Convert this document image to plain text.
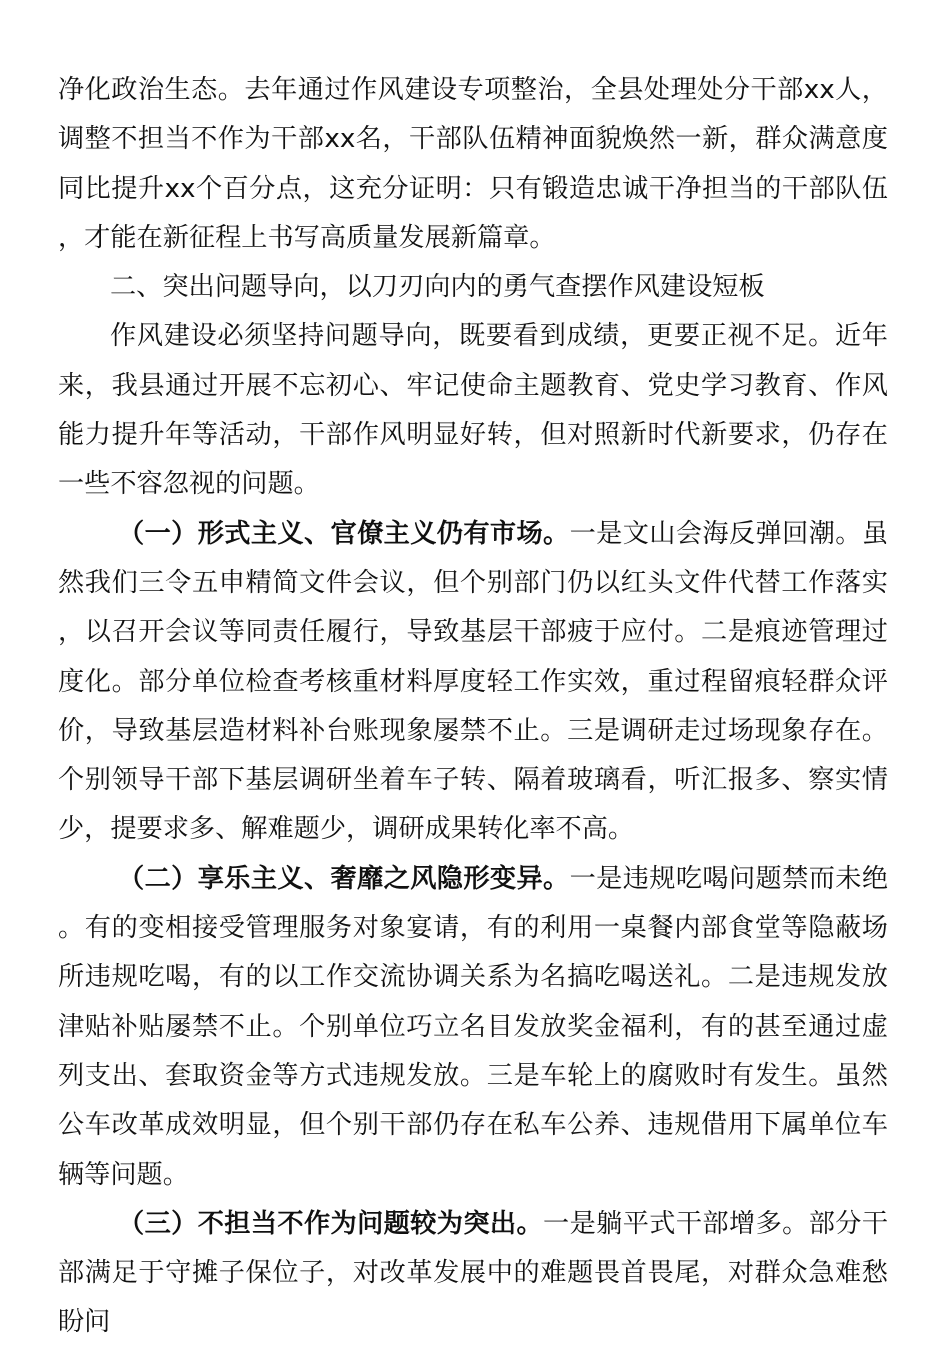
净化政治生态。去年通过作风建设专项整治，全县处理处分干部xx人，调整不担当不作为干部xx名，干部队伍精神面貌焕然一新，群众满意度同比提升xx个百分点，这充分证明：只有锻造忠诚干净担当的干部队伍，才能在新征程上书写高质量发展新篇章。

二、突出问题导向，以刀刃向内的勇气查摆作风建设短板

作风建设必须坚持问题导向，既要看到成绩，更要正视不足。近年来，我县通过开展不忘初心、牢记使命主题教育、党史学习教育、作风能力提升年等活动，干部作风明显好转，但对照新时代新要求，仍存在一些不容忽视的问题。

（一）形式主义、官僚主义仍有市场。一是文山会海反弹回潮。虽然我们三令五申精简文件会议，但个别部门仍以红头文件代替工作落实，以召开会议等同责任履行，导致基层干部疲于应付。二是痕迹管理过度化。部分单位检查考核重材料厚度轻工作实效，重过程留痕轻群众评价，导致基层造材料补台账现象屡禁不止。三是调研走过场现象存在。个别领导干部下基层调研坐着车子转、隔着玻璃看，听汇报多、察实情少，提要求多、解难题少，调研成果转化率不高。

（二）享乐主义、奢靡之风隐形变异。一是违规吃喝问题禁而未绝。有的变相接受管理服务对象宴请，有的利用一桌餐内部食堂等隐蔽场所违规吃喝，有的以工作交流协调关系为名搞吃喝送礼。二是违规发放津贴补贴屡禁不止。个别单位巧立名目发放奖金福利，有的甚至通过虚列支出、套取资金等方式违规发放。三是车轮上的腐败时有发生。虽然公车改革成效明显，但个别干部仍存在私车公养、违规借用下属单位车辆等问题。

（三）不担当不作为问题较为突出。一是躺平式干部增多。部分干部满足于守摊子保位子，对改革发展中的难题畏首畏尾，对群众急难愁盼问
